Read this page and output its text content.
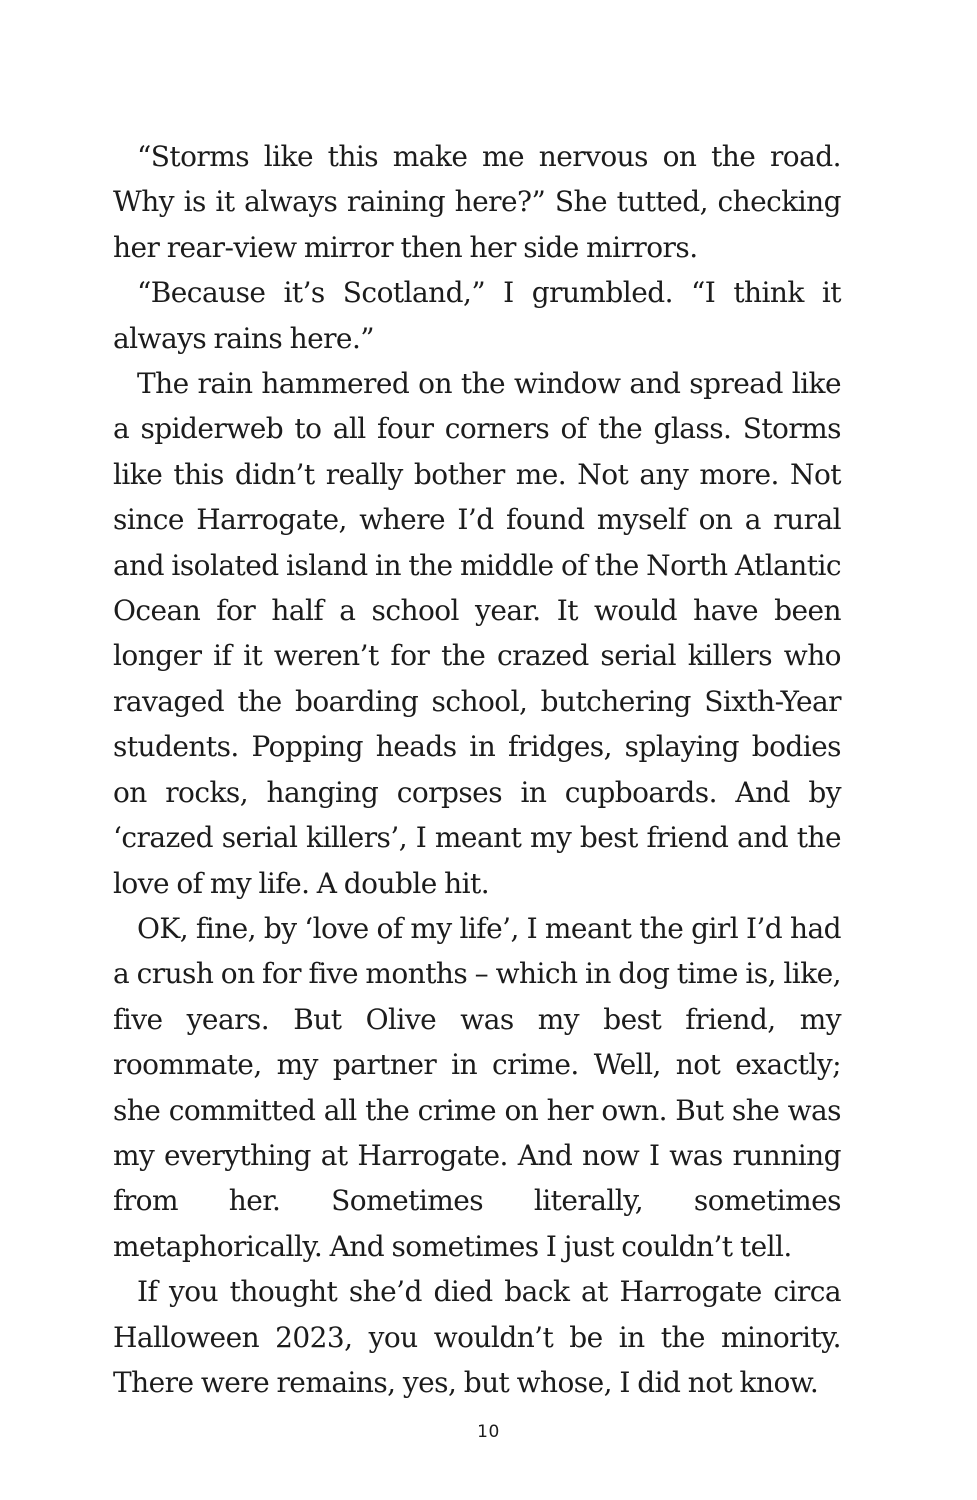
“Storms like this make me nervous on the road. Why is it always raining here?” She tutted, checking her rear-view mirror then her side mirrors.

“Because it’s Scotland,” I grumbled. “I think it always rains here.”

The rain hammered on the window and spread like a spiderweb to all four corners of the glass. Storms like this didn’t really bother me. Not any more. Not since Harrogate, where I’d found myself on a rural and isolated island in the middle of the North Atlantic Ocean for half a school year. It would have been longer if it weren’t for the crazed serial killers who ravaged the boarding school, butchering Sixth-Year students. Popping heads in fridges, splaying bodies on rocks, hanging corpses in cupboards. And by ‘crazed serial killers’, I meant my best friend and the love of my life. A double hit.

OK, fine, by ‘love of my life’, I meant the girl I’d had a crush on for five months – which in dog time is, like, five years. But Olive was my best friend, my roommate, my partner in crime. Well, not exactly; she committed all the crime on her own. But she was my everything at Harrogate. And now I was running from her. Sometimes literally, sometimes metaphorically. And sometimes I just couldn’t tell.

If you thought she’d died back at Harrogate circa Halloween 2023, you wouldn’t be in the minority. There were remains, yes, but whose, I did not know.

10
